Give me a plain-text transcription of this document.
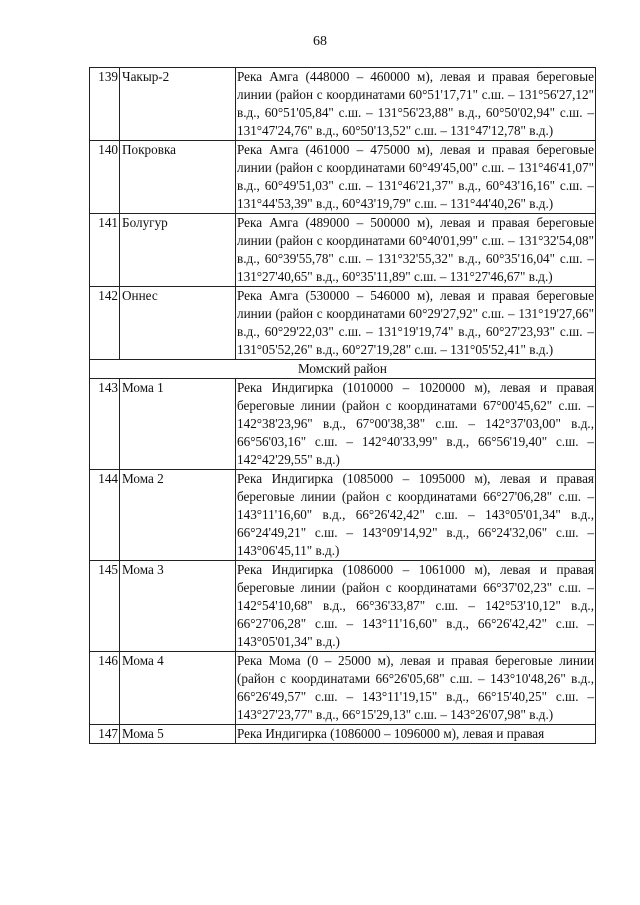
68
139	Чакыр-2	Река Амга (448000 – 460000 м), левая и правая береговые линии (район с координатами 60°51'17,71" с.ш. – 131°56'27,12" в.д., 60°51'05,84" с.ш. – 131°56'23,88" в.д., 60°50'02,94" с.ш. – 131°47'24,76" в.д., 60°50'13,52" с.ш. – 131°47'12,78" в.д.)
140	Покровка	Река Амга (461000 – 475000 м), левая и правая береговые линии (район с координатами 60°49'45,00" с.ш. – 131°46'41,07" в.д., 60°49'51,03" с.ш. – 131°46'21,37" в.д., 60°43'16,16" с.ш. – 131°44'53,39" в.д., 60°43'19,79" с.ш. – 131°44'40,26" в.д.)
141	Болугур	Река Амга (489000 – 500000 м), левая и правая береговые линии (район с координатами 60°40'01,99" с.ш. – 131°32'54,08" в.д., 60°39'55,78" с.ш. – 131°32'55,32" в.д., 60°35'16,04" с.ш. – 131°27'40,65" в.д., 60°35'11,89" с.ш. – 131°27'46,67" в.д.)
142	Оннес	Река Амга (530000 – 546000 м), левая и правая береговые линии (район с координатами 60°29'27,92" с.ш. – 131°19'27,66" в.д., 60°29'22,03" с.ш. – 131°19'19,74" в.д., 60°27'23,93" с.ш. – 131°05'52,26" в.д., 60°27'19,28" с.ш. – 131°05'52,41" в.д.)
Момский район		
143	Мома 1	Река Индигирка (1010000 – 1020000 м), левая и правая береговые линии (район с координатами 67°00'45,62" с.ш. – 142°38'23,96" в.д., 67°00'38,38" с.ш. – 142°37'03,00" в.д., 66°56'03,16" с.ш. – 142°40'33,99" в.д., 66°56'19,40" с.ш. – 142°42'29,55" в.д.)
144	Мома 2	Река Индигирка (1085000 – 1095000 м), левая и правая береговые линии (район с координатами 66°27'06,28" с.ш. – 143°11'16,60" в.д., 66°26'42,42" с.ш. – 143°05'01,34" в.д., 66°24'49,21" с.ш. – 143°09'14,92" в.д., 66°24'32,06" с.ш. – 143°06'45,11" в.д.)
145	Мома 3	Река Индигирка (1086000 – 1061000 м), левая и правая береговые линии (район с координатами 66°37'02,23" с.ш. – 142°54'10,68" в.д., 66°36'33,87" с.ш. – 142°53'10,12" в.д., 66°27'06,28" с.ш. – 143°11'16,60" в.д., 66°26'42,42" с.ш. – 143°05'01,34" в.д.)
146	Мома 4	Река Мома (0 – 25000 м), левая и правая береговые линии (район с координатами 66°26'05,68" с.ш. – 143°10'48,26" в.д., 66°26'49,57" с.ш. – 143°11'19,15" в.д., 66°15'40,25" с.ш. – 143°27'23,77" в.д., 66°15'29,13" с.ш. – 143°26'07,98" в.д.)
147	Мома 5	Река Индигирка (1086000 – 1096000 м), левая и правая
